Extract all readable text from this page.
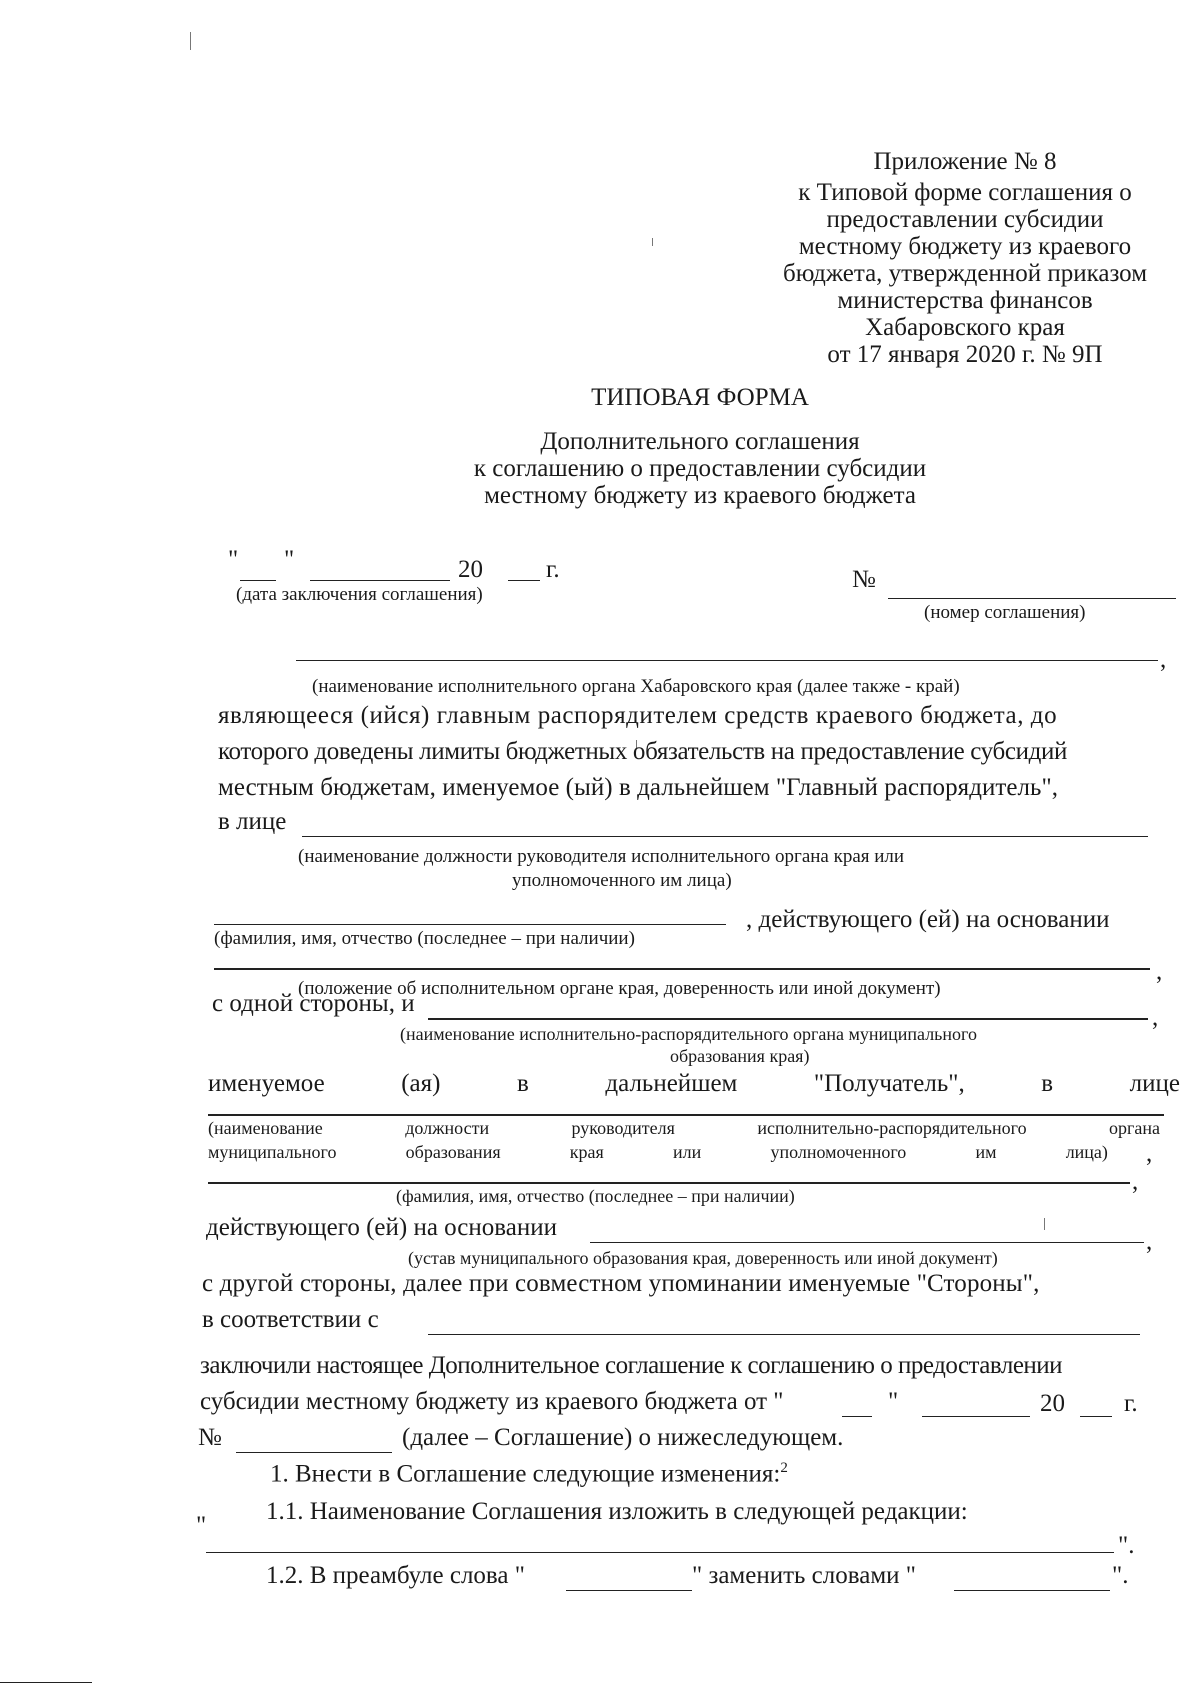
Приложение № 8
к Типовой форме соглашения о
предоставлении субсидии
местному бюджету из краевого
бюджета, утвержденной приказом
министерства финансов
Хабаровского края
от 17 января 2020 г. № 9П
ТИПОВАЯ ФОРМА
Дополнительного соглашения
к соглашению о предоставлении субсидии
местному бюджету из краевого бюджета
" "	20	г.
(дата заключения соглашения)
№
(номер соглашения)
,
(наименование исполнительного органа Хабаровского края (далее также - край)
являющееся (ийся) главным распорядителем средств краевого бюджета, до
которого доведены лимиты бюджетных обязательств на предоставление субсидий
местным бюджетам, именуемое (ый) в дальнейшем "Главный распорядитель",
в лице
(наименование должности руководителя исполнительного органа края или
уполномоченного им лица)
, действующего (ей) на основании
(фамилия, имя, отчество (последнее – при наличии)
,
(положение об исполнительном органе края, доверенность или иной документ)
с одной стороны, и
,
(наименование исполнительно-распорядительного органа муниципального
образования края)
именуемое	(ая)	в	дальнейшем	"Получатель",	в	лице
(наименование	должности	руководителя	исполнительно-распорядительного	органа
муниципального	образования	края	или	уполномоченного	им	лица) ,
,
(фамилия, имя, отчество (последнее – при наличии)
действующего (ей) на основании
,
(устав муниципального образования края, доверенность или иной документ)
с другой стороны, далее при совместном упоминании именуемые "Стороны",
в соответствии с
заключили настоящее Дополнительное соглашение к соглашению о предоставлении
субсидии местному бюджету из краевого бюджета от "	"	20 г.
№	(далее – Соглашение) о нижеследующем.
1. Внести в Соглашение следующие изменения:$^2$
1.1. Наименование Соглашения изложить в следующей редакции:
"
".
1.2. В преамбуле слова "	" заменить словами "	".
